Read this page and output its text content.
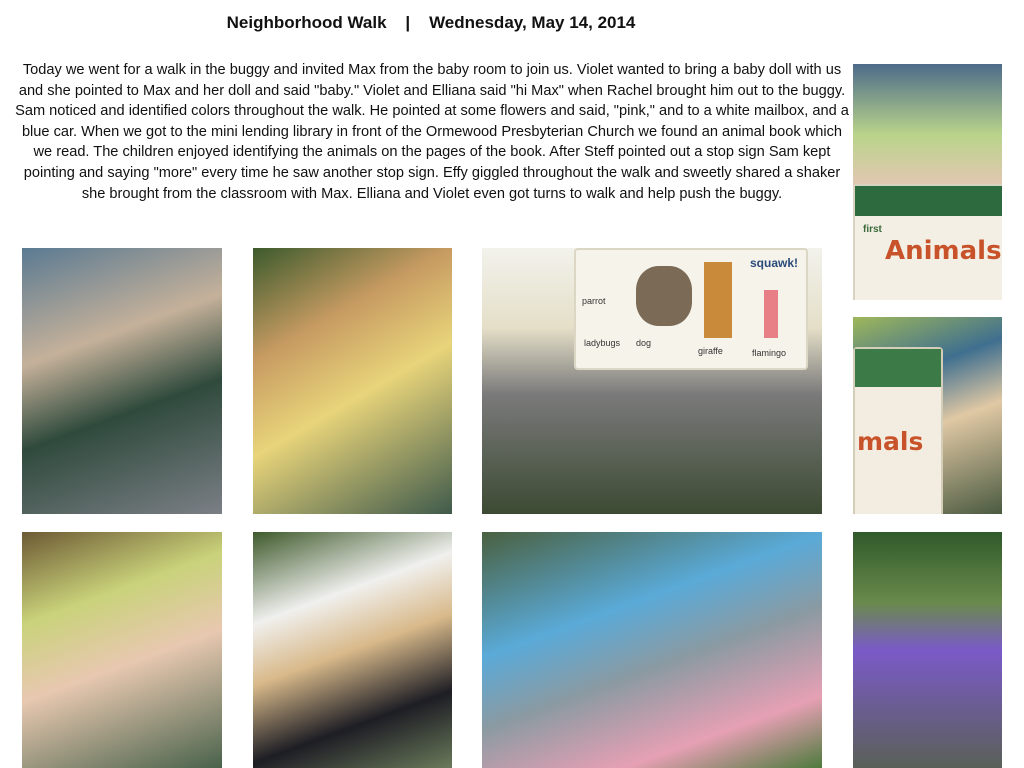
Neighborhood Walk    |    Wednesday, May 14, 2014
Today we went for a walk in the buggy and invited Max from the baby room to join us. Violet wanted to bring a baby doll with us and she pointed to Max and her doll and said "baby." Violet and Elliana said "hi Max" when Rachel brought him out to the buggy. Sam noticed and identified colors throughout the walk. He pointed at some flowers and said, "pink," and to a white mailbox, and a blue car. When we got to the mini lending library in front of the Ormewood Presbyterian Church we found an animal book which we read. The children enjoyed identifying the animals on the pages of the book. After Steff pointed out a stop sign Sam kept pointing and saying "more" every time he saw another stop sign. Effy giggled throughout the walk and sweetly shared a shaker she brought from the classroom with Max. Elliana and Violet even got turns to walk and help push the buggy.
first
Animals
mals
squawk!
parrot
ladybugs dog
giraffe	flamingo
